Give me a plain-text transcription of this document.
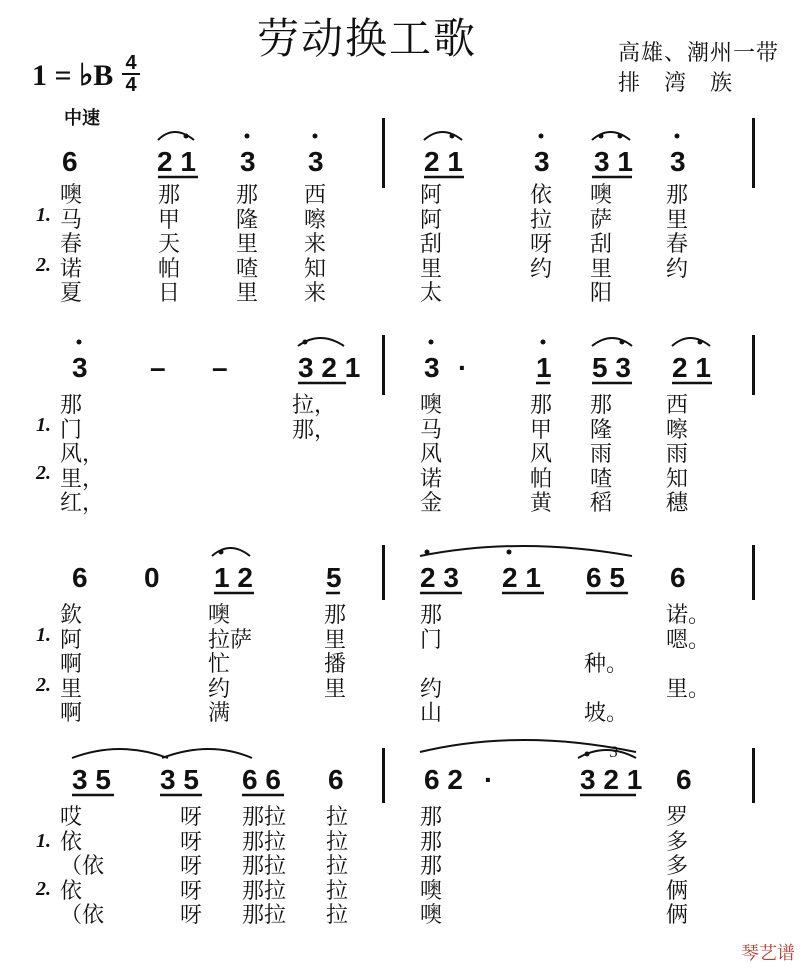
劳动换工歌	高雄、潮州一带
排　湾　族
1 = ♭B 4
4
中速
6	2 1 3 3	2 1	3 3 1 3
3 – –	3 2 1 3 · 1 5 3 2 1
6 0 1 2	5	2 3 2 1 6 5 6
3 5 3 5 6 6 6	6 2 ·	3 2 1 6
3
1.
2.
1.
2.
1.
2.
1.
2.
噢	那	那 西	阿	依 噢 那
马	甲	隆 嚓	阿	拉 萨 里
春	天	里 来	刮	呀 刮 春
诺	帕	喳 知	里	约 里 约
夏	日	里 来	太	阳
那	拉，	噢	那 那 西
门	那，	马	甲 隆 嚓
风，	风	风 雨 雨
里，	诺	帕 喳 知
红，	金	黄 稻 穗
欽	噢	那	那	诺。
阿	拉萨	里	门	嗯。
啊	忙	播	种。
里	约	里	约	里。
啊	满	山	坡。
哎	呀 那拉 拉	那	罗
依	呀 那拉 拉	那	多
（依	呀 那拉 拉	那	多
依	呀 那拉 拉	噢	俩
（依	呀 那拉 拉	噢	俩
琴艺谱
